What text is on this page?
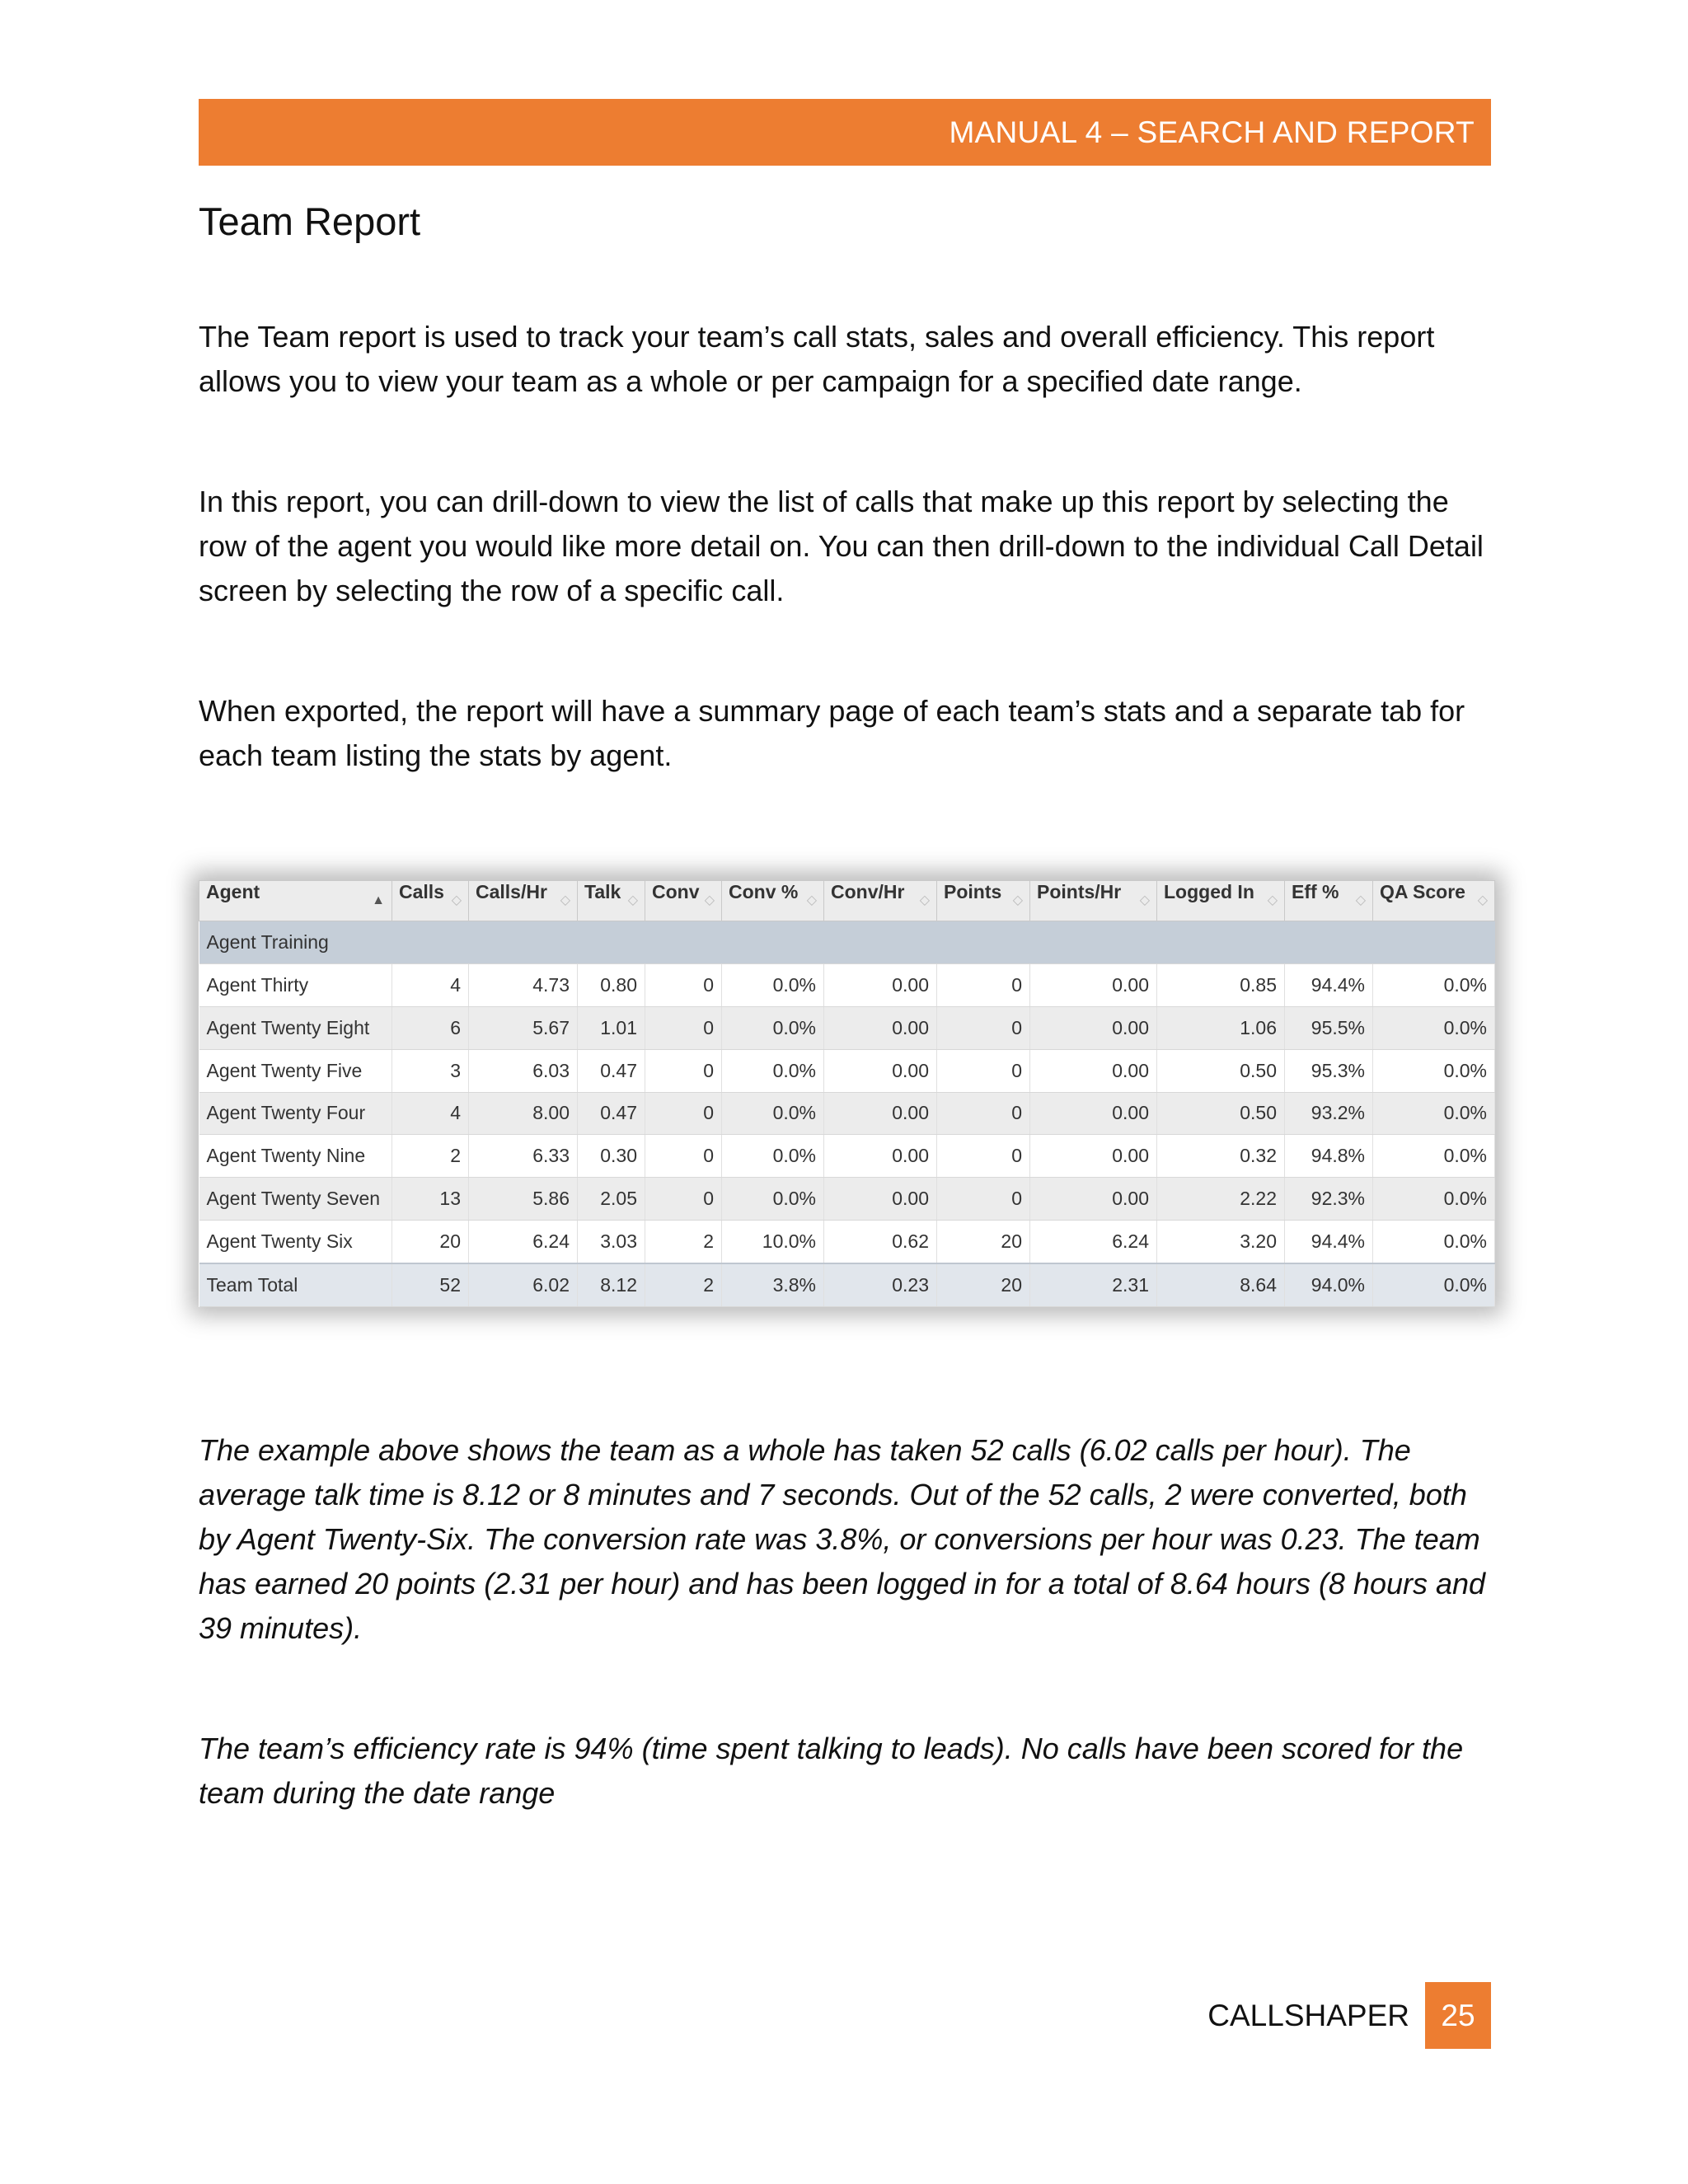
MANUAL 4 – SEARCH AND REPORT
Team Report

The Team report is used to track your team’s call stats, sales and overall efficiency. This report allows you to view your team as a whole or per campaign for a specified date range.

In this report, you can drill-down to view the list of calls that make up this report by selecting the row of the agent you would like more detail on. You can then drill-down to the individual Call Detail screen by selecting the row of a specific call.

When exported, the report will have a summary page of each team’s stats and a separate tab for each team listing the stats by agent.

Agent ▲	Calls ◇	Calls/Hr ◇	Talk ◇	Conv ◇	Conv % ◇	Conv/Hr ◇	Points ◇	Points/Hr ◇	Logged In ◇	Eff % ◇	QA Score ◇

Agent Training											
Agent Thirty	4	4.73	0.80	0	0.0%	0.00	0	0.00	0.85	94.4%	0.0%
Agent Twenty Eight	6	5.67	1.01	0	0.0%	0.00	0	0.00	1.06	95.5%	0.0%
Agent Twenty Five	3	6.03	0.47	0	0.0%	0.00	0	0.00	0.50	95.3%	0.0%
Agent Twenty Four	4	8.00	0.47	0	0.0%	0.00	0	0.00	0.50	93.2%	0.0%
Agent Twenty Nine	2	6.33	0.30	0	0.0%	0.00	0	0.00	0.32	94.8%	0.0%
Agent Twenty Seven	13	5.86	2.05	0	0.0%	0.00	0	0.00	2.22	92.3%	0.0%
Agent Twenty Six	20	6.24	3.03	2	10.0%	0.62	20	6.24	3.20	94.4%	0.0%
Team Total	52	6.02	8.12	2	3.8%	0.23	20	2.31	8.64	94.0%	0.0%

The example above shows the team as a whole has taken 52 calls (6.02 calls per hour). The average talk time is 8.12 or 8 minutes and 7 seconds. Out of the 52 calls, 2 were converted, both by Agent Twenty-Six. The conversion rate was 3.8%, or conversions per hour was 0.23. The team has earned 20 points (2.31 per hour) and has been logged in for a total of 8.64 hours (8 hours and 39 minutes).

The team’s efficiency rate is 94% (time spent talking to leads). No calls have been scored for the team during the date range

CALLSHAPER	25
